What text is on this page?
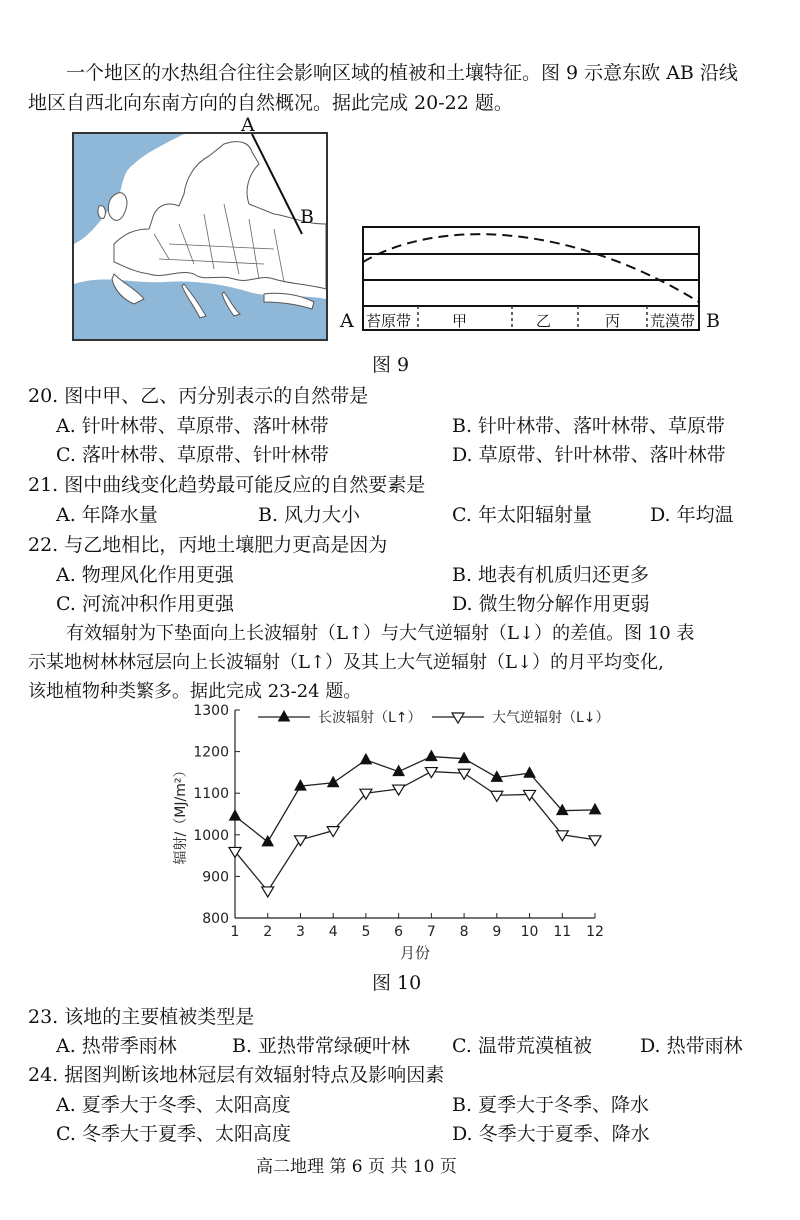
一个地区的水热组合往往会影响区域的植被和土壤特征。图 9 示意东欧 AB 沿线
地区自西北向东南方向的自然概况。据此完成 20-22 题。
A
B
苔原带	甲	乙	丙 荒漠带
A	B
图 9
20. 图中甲、乙、丙分别表示的自然带是
A. 针叶林带、草原带、落叶林带	B. 针叶林带、落叶林带、草原带
C. 落叶林带、草原带、针叶林带	D. 草原带、针叶林带、落叶林带
21. 图中曲线变化趋势最可能反应的自然要素是
A. 年降水量	B. 风力大小	C. 年太阳辐射量	D. 年均温
22. 与乙地相比，丙地土壤肥力更高是因为
A. 物理风化作用更强	B. 地表有机质归还更多
C. 河流冲积作用更强	D. 微生物分解作用更弱
有效辐射为下垫面向上长波辐射（L↑）与大气逆辐射（L↓）的差值。图 10 表
示某地树林林冠层向上长波辐射（L↑）及其上大气逆辐射（L↓）的月平均变化,
该地植物种类繁多。据此完成 23-24 题。
800
900
1000
1100
1200
1300
1 2 3 4 5 6 7 8 9 10 11 12
月份
辐射/（MJ/m²）
长波辐射（L↑）	大气逆辐射（L↓）
图 10
23. 该地的主要植被类型是
A. 热带季雨林	B. 亚热带常绿硬叶林 C. 温带荒漠植被	D. 热带雨林
24. 据图判断该地林冠层有效辐射特点及影响因素
A. 夏季大于冬季、太阳高度	B. 夏季大于冬季、降水
C. 冬季大于夏季、太阳高度	D. 冬季大于夏季、降水
高二地理 第 6 页 共 10 页
